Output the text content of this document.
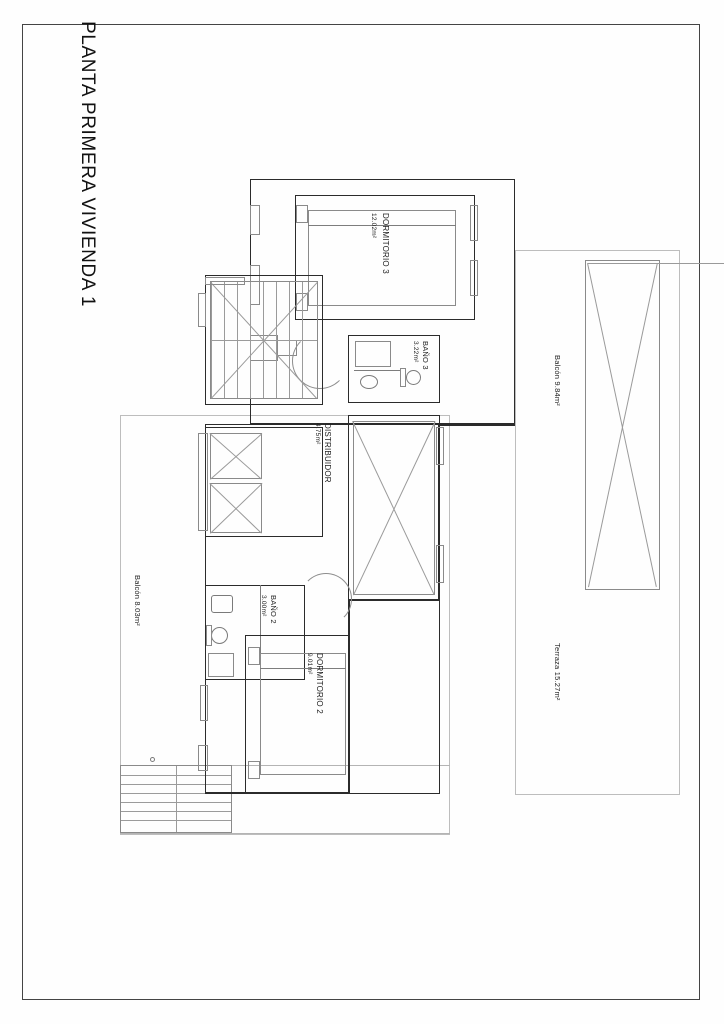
PLANTA PRIMERA VIVIENDA 1	DORMITORIO 3
12.02m²
BAÑO 3
3.22m²
DISTRIBUIDOR
4.75m²
BAÑO 2
3.00m²
DORMITORIO 2
9.01m²
Balcón 9.84m²
Balcón 8.03m²
Terraza 15.27m²
